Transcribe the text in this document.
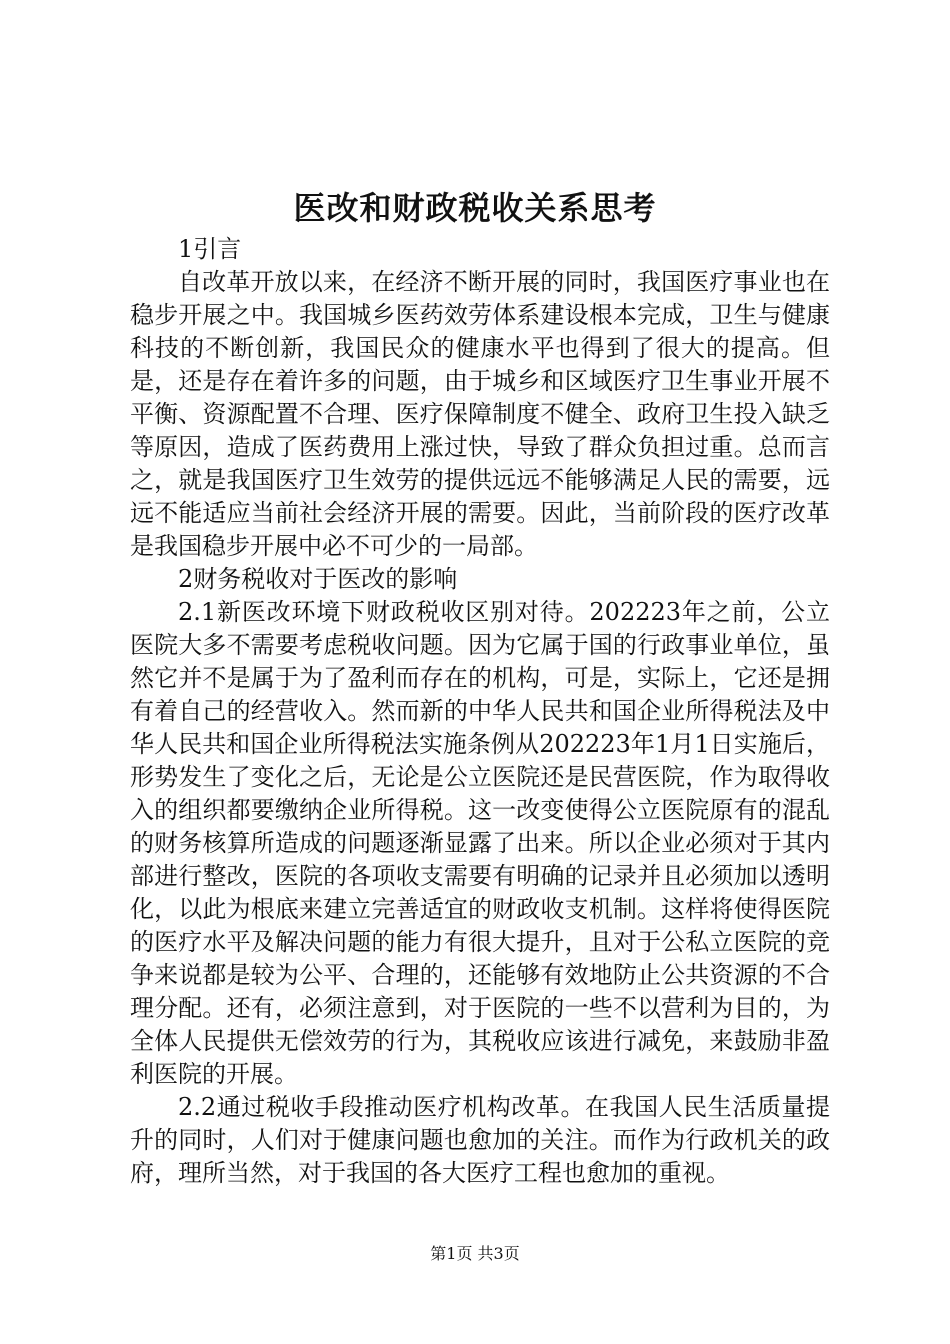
医改和财政税收关系思考

1引言

自改革开放以来，在经济不断开展的同时，我国医疗事业也在稳步开展之中。我国城乡医药效劳体系建设根本完成，卫生与健康科技的不断创新，我国民众的健康水平也得到了很大的提高。但是，还是存在着许多的问题，由于城乡和区域医疗卫生事业开展不平衡、资源配置不合理、医疗保障制度不健全、政府卫生投入缺乏等原因，造成了医药费用上涨过快，导致了群众负担过重。总而言之，就是我国医疗卫生效劳的提供远远不能够满足人民的需要，远远不能适应当前社会经济开展的需要。因此，当前阶段的医疗改革是我国稳步开展中必不可少的一局部。

2财务税收对于医改的影响

2.1新医改环境下财政税收区别对待。202223年之前，公立医院大多不需要考虑税收问题。因为它属于国的行政事业单位，虽然它并不是属于为了盈利而存在的机构，可是，实际上，它还是拥有着自己的经营收入。然而新的中华人民共和国企业所得税法及中华人民共和国企业所得税法实施条例从202223年1月1日实施后，形势发生了变化之后，无论是公立医院还是民营医院，作为取得收入的组织都要缴纳企业所得税。这一改变使得公立医院原有的混乱的财务核算所造成的问题逐渐显露了出来。所以企业必须对于其内部进行整改，医院的各项收支需要有明确的记录并且必须加以透明化，以此为根底来建立完善适宜的财政收支机制。这样将使得医院的医疗水平及解决问题的能力有很大提升，且对于公私立医院的竞争来说都是较为公平、合理的，还能够有效地防止公共资源的不合理分配。还有，必须注意到，对于医院的一些不以营利为目的，为全体人民提供无偿效劳的行为，其税收应该进行减免，来鼓励非盈利医院的开展。

2.2通过税收手段推动医疗机构改革。在我国人民生活质量提升的同时，人们对于健康问题也愈加的关注。而作为行政机关的政府，理所当然，对于我国的各大医疗工程也愈加的重视。

第1页 共3页
